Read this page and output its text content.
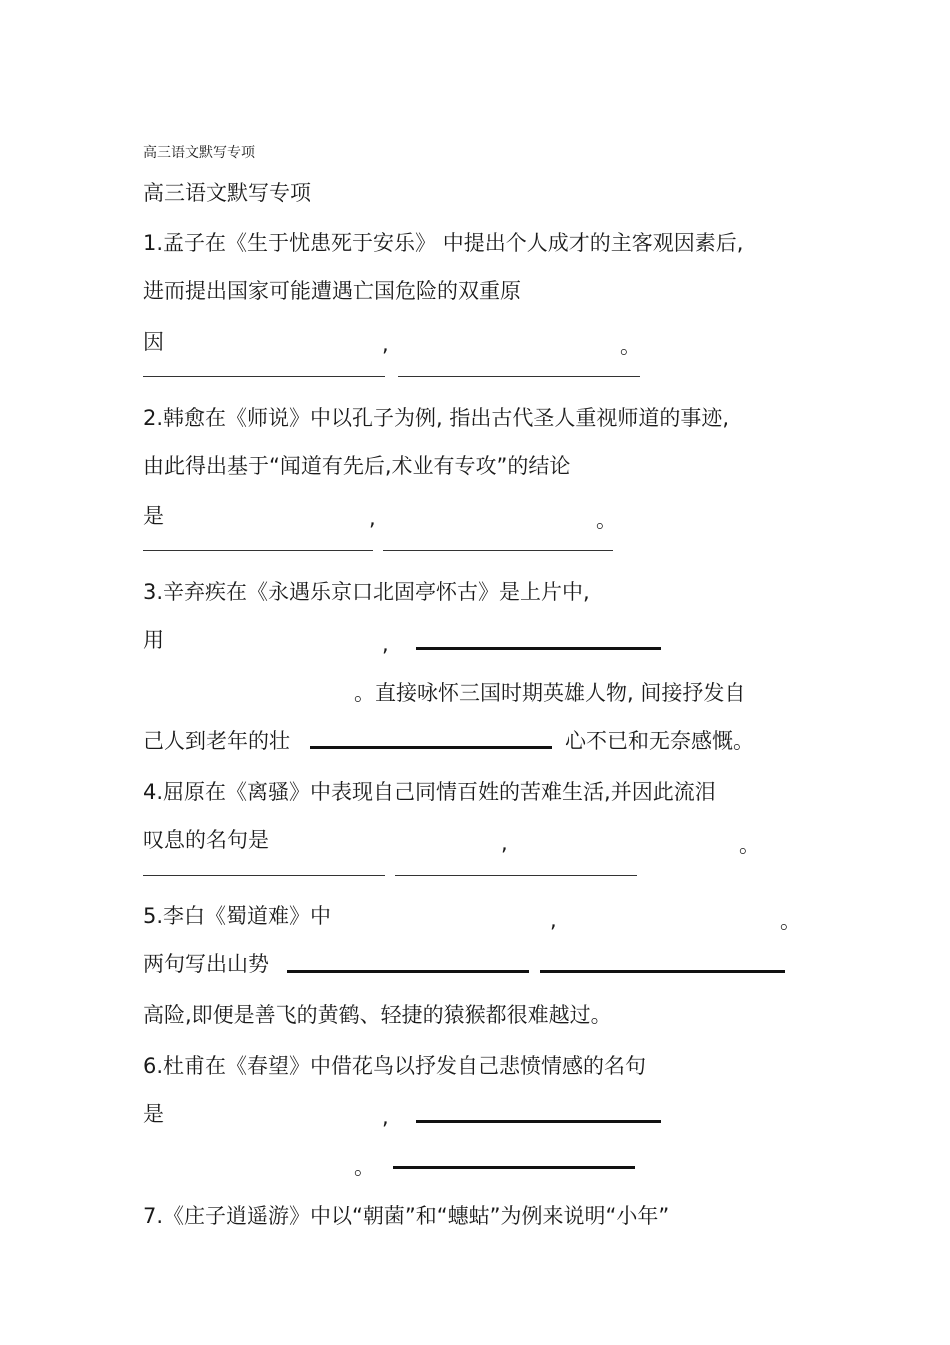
高三语文默写专项
高三语文默写专项
1.孟子在《生于忧患死于安乐》 中提出个人成才的主客观因素后,
进而提出国家可能遭遇亡国危险的双重原
因	,	。
2.韩愈在《师说》中以孔子为例, 指出古代圣人重视师道的事迹,
由此得出基于“闻道有先后,术业有专攻”的结论
是	,	。
3.辛弃疾在《永遇乐京口北固亭怀古》是上片中,
用	,
。直接咏怀三国时期英雄人物, 间接抒发自
己人到老年的壮	心不已和无奈感慨。
4.屈原在《离骚》中表现自己同情百姓的苦难生活,并因此流泪
叹息的名句是	,	。
5.李白《蜀道难》中	,	。
两句写出山势
高险,即便是善飞的黄鹤、轻捷的猿猴都很难越过。
6.杜甫在《春望》中借花鸟以抒发自己悲愤情感的名句
是	,
。
7.《庄子逍遥游》中以“朝菌”和“蟪蛄”为例来说明“小年”
